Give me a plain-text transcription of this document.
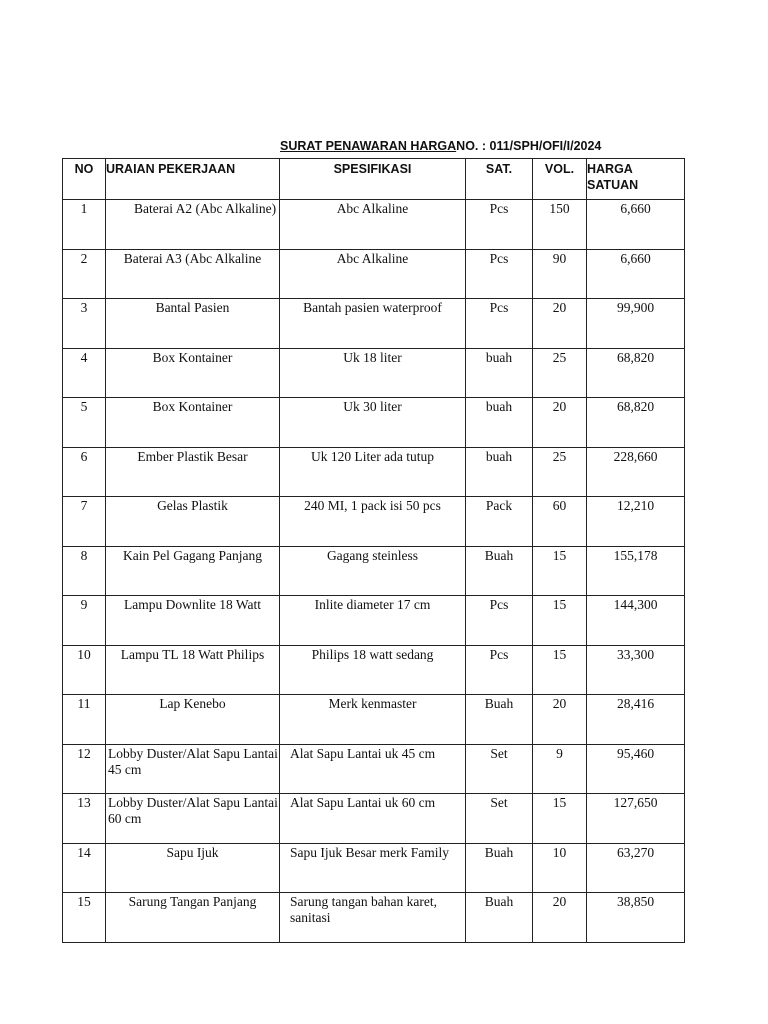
SURAT PENAWARAN HARGANO. : 011/SPH/OFI/I/2024
NO	URAIAN PEKERJAAN	SPESIFIKASI	SAT.	VOL.	HARGA
SATUAN
1	Baterai A2 (Abc Alkaline)	Abc Alkaline	Pcs	150	6,660
2	Baterai A3 (Abc Alkaline	Abc Alkaline	Pcs	90	6,660
3	Bantal Pasien	Bantah pasien waterproof	Pcs	20	99,900
4	Box Kontainer	Uk 18 liter	buah	25	68,820
5	Box Kontainer	Uk 30 liter	buah	20	68,820
6	Ember Plastik Besar	Uk 120 Liter ada tutup	buah	25	228,660
7	Gelas Plastik	240 MI, 1 pack isi 50 pcs	Pack	60	12,210
8	Kain Pel Gagang Panjang	Gagang steinless	Buah	15	155,178
9	Lampu Downlite 18 Watt	Inlite diameter 17 cm	Pcs	15	144,300
10	Lampu TL 18 Watt Philips	Philips 18 watt sedang	Pcs	15	33,300
11	Lap Kenebo	Merk kenmaster	Buah	20	28,416
12	Lobby Duster/Alat Sapu Lantai 45 cm	Alat Sapu Lantai uk 45 cm	Set	9	95,460
13	Lobby Duster/Alat Sapu Lantai 60 cm	Alat Sapu Lantai uk 60 cm	Set	15	127,650
14	Sapu Ijuk	Sapu Ijuk Besar merk Family	Buah	10	63,270
15	Sarung Tangan Panjang	Sarung tangan bahan karet, sanitasi	Buah	20	38,850
